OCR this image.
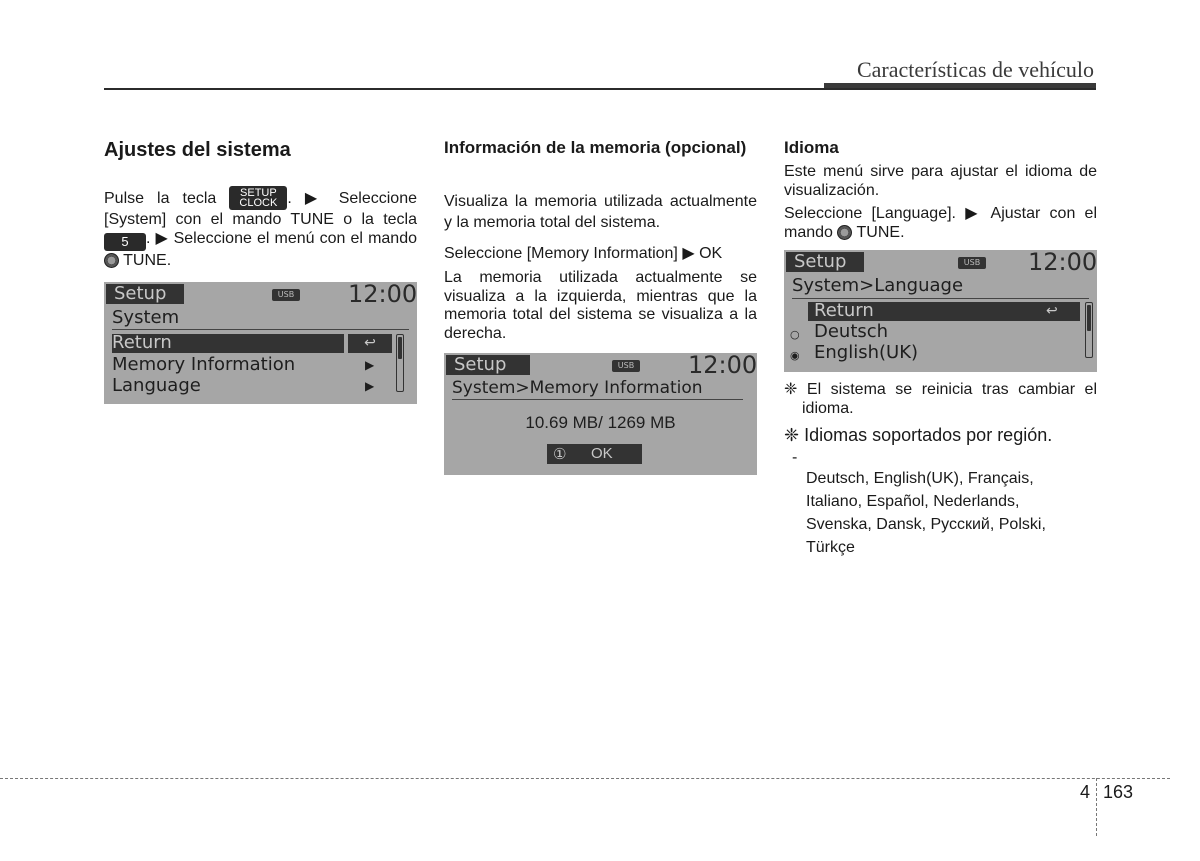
Características de vehículo
Ajustes del sistema

Pulse la tecla SETUP
CLOCK . ▶ Seleccione [System] con el mando TUNE o la tecla 5 . ▶ Seleccione el menú con el mando  TUNE.

Setup	USB 12:00
System
Return	↩
Memory Information	▶
Language	▶
Información de la memoria (opcional)

Visualiza la memoria utilizada actualmente y la memoria total del sistema.

Seleccione [Memory Information] ▶ OK

La memoria utilizada actualmente se visualiza a la izquierda, mientras que la memoria total del sistema se visualiza a la derecha.

Setup	USB 12:00
System>Memory Information
10.69 MB/ 1269 MB
① OK
Idioma

Este menú sirve para ajustar el idioma de visualización.

Seleccione [Language]. ▶ Ajustar con el mando TUNE.

Setup	USB 12:00
System>Language
Return	↩
○ Deutsch
◉ English(UK)

❈ El sistema se reinicia tras cambiar el idioma.

❈ Idiomas soportados por región.

-

Deutsch, English(UK), Français,
Italiano, Español, Nederlands,
Svenska, Dansk, Русский, Polski,
Türkçe
4 163
